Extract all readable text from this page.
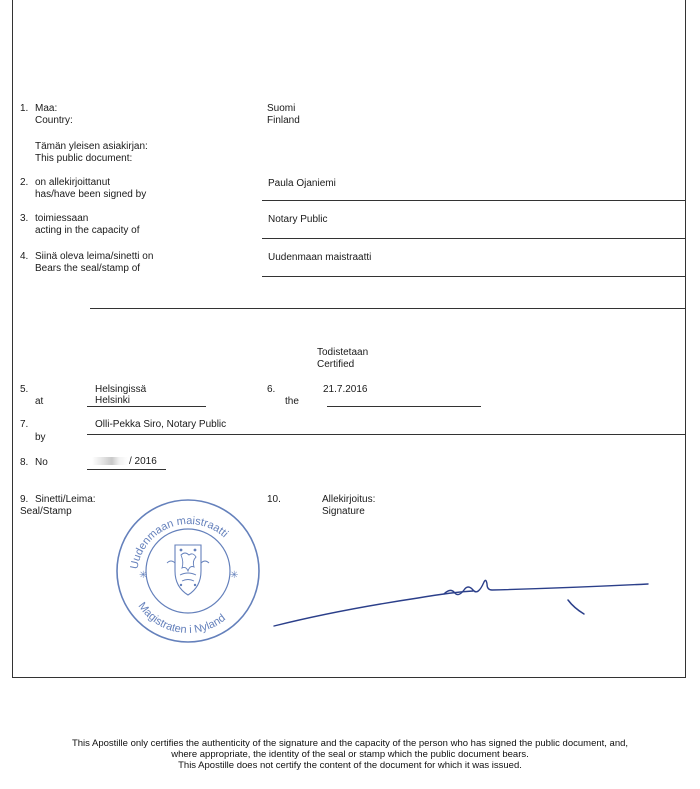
1. Maa:
Country:
Suomi
Finland
Tämän yleisen asiakirjan:
This public document:
2. on allekirjoittanut
has/have been signed by
Paula Ojaniemi
3. toimiessaan
acting in the capacity of
Notary Public
4. Siinä oleva leima/sinetti on
Bears the seal/stamp of
Uudenmaan maistraatti
Todistetaan
Certified
5.
at
Helsingissä
Helsinki
6.
the
21.7.2016
7.
by
Olli-Pekka Siro, Notary Public
8. No	/ 2016
9. Sinetti/Leima:
Seal/Stamp
10.	Allekirjoitus:
Signature
Uudenmaan maistraatti
Magistraten i Nyland
✳	✳
This Apostille only certifies the authenticity of the signature and the capacity of the person who has signed the public document, and,
where appropriate, the identity of the seal or stamp which the public document bears.
This Apostille does not certify the content of the document for which it was issued.
